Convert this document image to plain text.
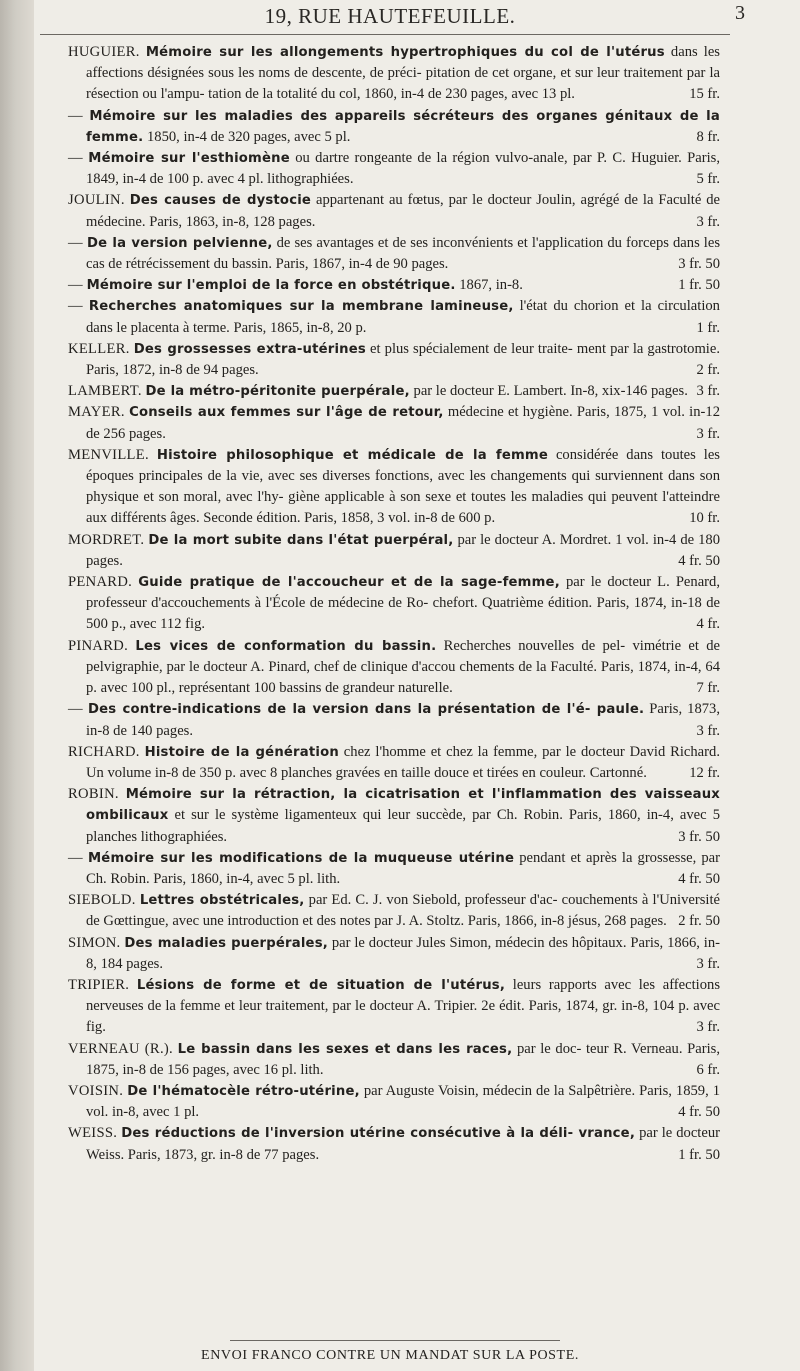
19, RUE HAUTEFEUILLE.	3

HUGUIER. Mémoire sur les allongements hypertrophiques du col de l'utérus dans les affections désignées sous les noms de descente, de préci- pitation de cet organe, et sur leur traitement par la résection ou l'ampu- tation de la totalité du col, 1860, in-4 de 230 pages, avec 13 pl.	15 fr.

— Mémoire sur les maladies des appareils sécréteurs des organes génitaux de la femme. 1850, in-4 de 320 pages, avec 5 pl.	8 fr.

— Mémoire sur l'esthiomène ou dartre rongeante de la région vulvo-anale, par P. C. Huguier. Paris, 1849, in-4 de 100 p. avec 4 pl. lithographiées.	5 fr.

JOULIN. Des causes de dystocie appartenant au fœtus, par le docteur Joulin, agrégé de la Faculté de médecine. Paris, 1863, in-8, 128 pages.	3 fr.

— De la version pelvienne, de ses avantages et de ses inconvénients et l'application du forceps dans les cas de rétrécissement du bassin. Paris, 1867, in-4 de 90 pages.	3 fr. 50

— Mémoire sur l'emploi de la force en obstétrique. 1867, in-8.	1 fr. 50

— Recherches anatomiques sur la membrane lamineuse, l'état du chorion et la circulation dans le placenta à terme. Paris, 1865, in-8, 20 p.	1 fr.

KELLER. Des grossesses extra-utérines et plus spécialement de leur traite- ment par la gastrotomie. Paris, 1872, in-8 de 94 pages.	2 fr.

LAMBERT. De la métro-péritonite puerpérale, par le docteur E. Lambert. In-8, xix-146 pages. 3 fr.

MAYER. Conseils aux femmes sur l'âge de retour, médecine et hygiène. Paris, 1875, 1 vol. in-12 de 256 pages.	3 fr.

MENVILLE. Histoire philosophique et médicale de la femme considérée dans toutes les époques principales de la vie, avec ses diverses fonctions, avec les changements qui surviennent dans son physique et son moral, avec l'hy- giène applicable à son sexe et toutes les maladies qui peuvent l'atteindre aux différents âges. Seconde édition. Paris, 1858, 3 vol. in-8 de 600 p.	10 fr.

MORDRET. De la mort subite dans l'état puerpéral, par le docteur A. Mordret. 1 vol. in-4 de 180 pages.	4 fr. 50

PENARD. Guide pratique de l'accoucheur et de la sage-femme, par le docteur L. Penard, professeur d'accouchements à l'École de médecine de Ro- chefort. Quatrième édition. Paris, 1874, in-18 de 500 p., avec 112 fig.	4 fr.

PINARD. Les vices de conformation du bassin. Recherches nouvelles de pel- vimétrie et de pelvigraphie, par le docteur A. Pinard, chef de clinique d'accou chements de la Faculté. Paris, 1874, in-4, 64 p. avec 100 pl., représentant 100 bassins de grandeur naturelle.	7 fr.

— Des contre-indications de la version dans la présentation de l'é- paule. Paris, 1873, in-8 de 140 pages.	3 fr.

RICHARD. Histoire de la génération chez l'homme et chez la femme, par le docteur David Richard. Un volume in-8 de 350 p. avec 8 planches gravées en taille douce et tirées en couleur. Cartonné.	12 fr.

ROBIN. Mémoire sur la rétraction, la cicatrisation et l'inflammation des vaisseaux ombilicaux et sur le système ligamenteux qui leur succède, par Ch. Robin. Paris, 1860, in-4, avec 5 planches lithographiées.	3 fr. 50

— Mémoire sur les modifications de la muqueuse utérine pendant et après la grossesse, par Ch. Robin. Paris, 1860, in-4, avec 5 pl. lith.	4 fr. 50

SIEBOLD. Lettres obstétricales, par Ed. C. J. von Siebold, professeur d'ac- couchements à l'Université de Gœttingue, avec une introduction et des notes par J. A. Stoltz. Paris, 1866, in-8 jésus, 268 pages. 2 fr. 50

SIMON. Des maladies puerpérales, par le docteur Jules Simon, médecin des hôpitaux. Paris, 1866, in-8, 184 pages.	3 fr.

TRIPIER. Lésions de forme et de situation de l'utérus, leurs rapports avec les affections nerveuses de la femme et leur traitement, par le docteur A. Tripier. 2e édit. Paris, 1874, gr. in-8, 104 p. avec fig.	3 fr.

VERNEAU (R.). Le bassin dans les sexes et dans les races, par le doc- teur R. Verneau. Paris, 1875, in-8 de 156 pages, avec 16 pl. lith.	6 fr.

VOISIN. De l'hématocèle rétro-utérine, par Auguste Voisin, médecin de la Salpêtrière. Paris, 1859, 1 vol. in-8, avec 1 pl.	4 fr. 50

WEISS. Des réductions de l'inversion utérine consécutive à la déli- vrance, par le docteur Weiss. Paris, 1873, gr. in-8 de 77 pages.	1 fr. 50

ENVOI FRANCO CONTRE UN MANDAT SUR LA POSTE.
